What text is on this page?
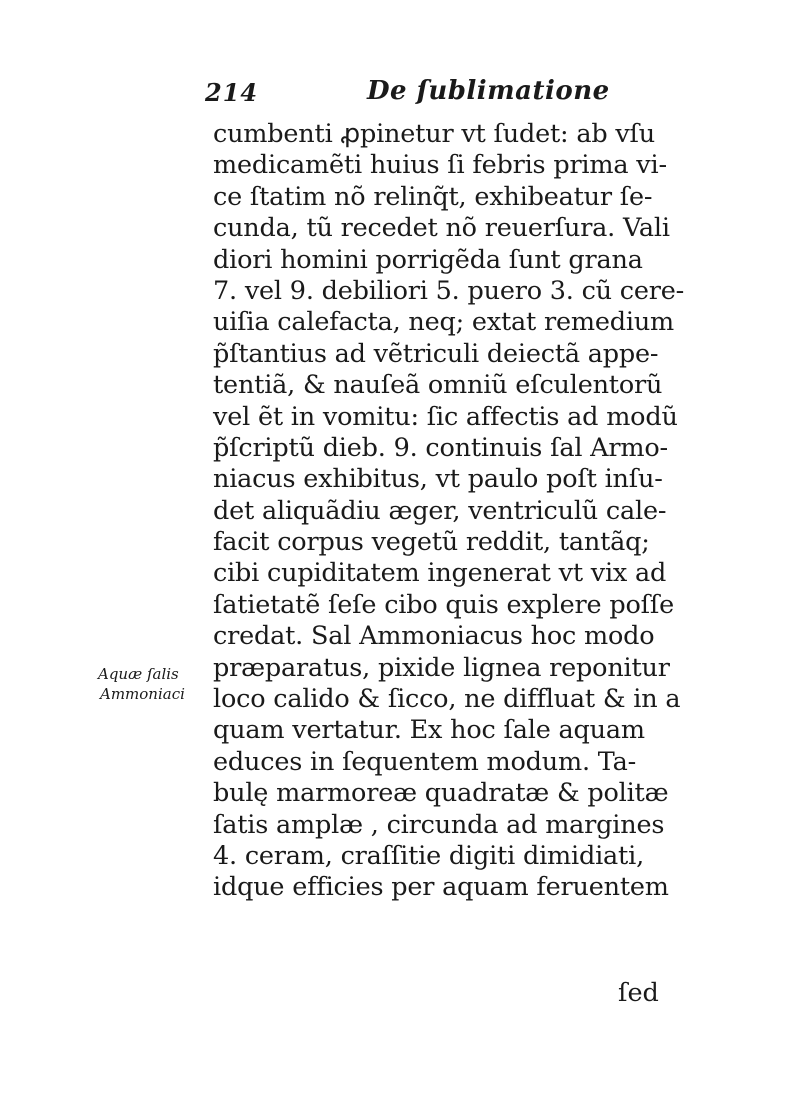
214	De ſublimatione
Aquæ ſalis
Ammoniaci
cumbenti ꝓpinetur vt ſudet: ab vſu
medicamẽti huius ſi febris prima vi-
ce ſtatim nõ relinq̃t, exhibeatur ſe-
cunda, tũ recedet nõ reuerſura. Vali
diori homini porrigẽda ſunt grana
7. vel 9. debiliori 5. puero 3. cũ cere-
uiſia calefacta, neq; extat remedium
p̃ſtantius ad vẽtriculi deiectã appe-
tentiã, & nauſeã omniũ eſculentorũ
vel ẽt in vomitu: ſic affectis ad modũ
p̃ſcriptũ dieb. 9. continuis ſal Armo-
niacus exhibitus, vt paulo poſt inſu-
det aliquãdiu æger, ventriculũ cale-
facit corpus vegetũ reddit, tantãq;
cibi cupiditatem ingenerat vt vix ad
ſatietatẽ ſeſe cibo quis explere poſſe
credat. Sal Ammoniacus hoc modo
præparatus, pixide lignea reponitur
loco calido & ſicco, ne diffluat & in a
quam vertatur. Ex hoc ſale aquam
educes in ſequentem modum. Ta-
bulę marmoreæ quadratæ & politæ
ſatis amplæ , circunda ad margines
4. ceram, craſſitie digiti dimidiati,
idque efficies per aquam feruentem
ſed
